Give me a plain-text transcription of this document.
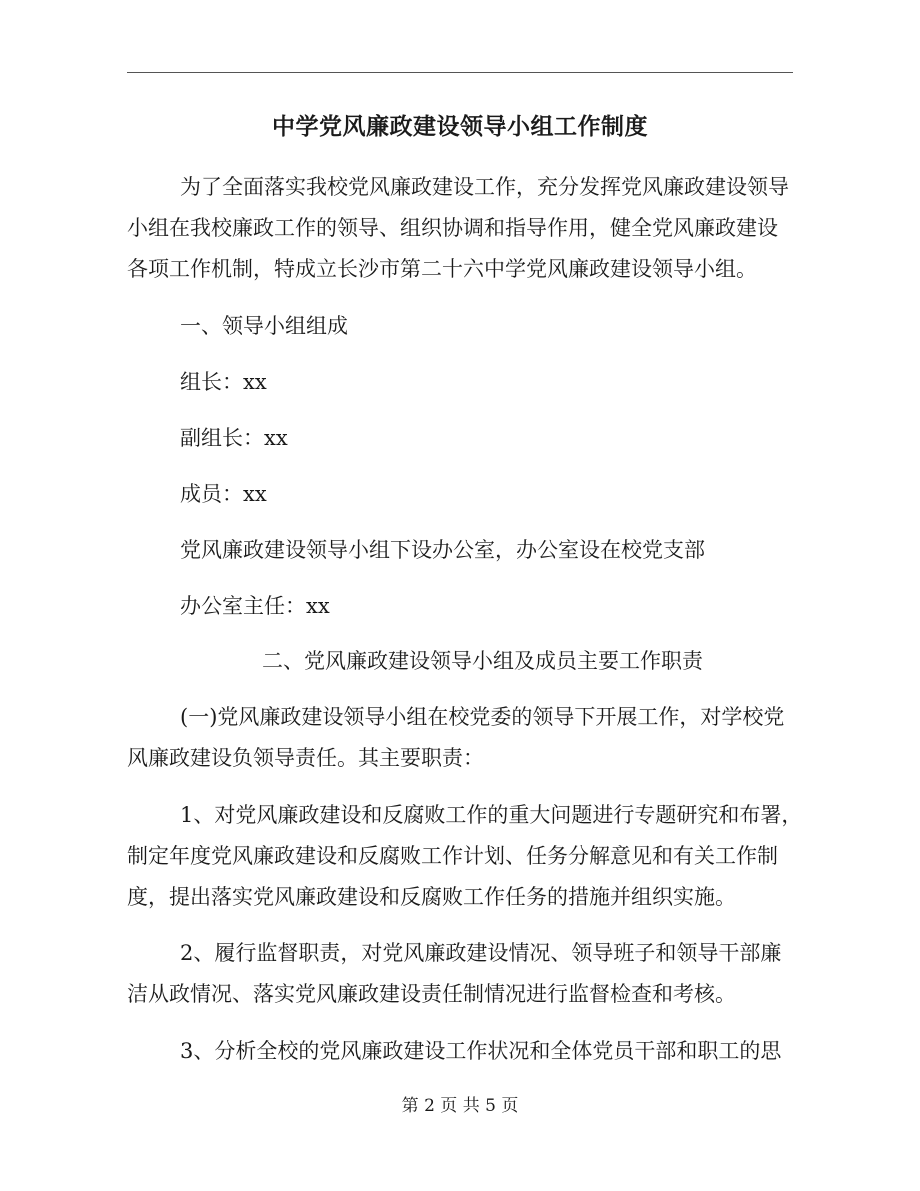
中学党风廉政建设领导小组工作制度
为了全面落实我校党风廉政建设工作，充分发挥党风廉政建设领导
小组在我校廉政工作的领导、组织协调和指导作用，健全党风廉政建设
各项工作机制，特成立长沙市第二十六中学党风廉政建设领导小组。
一、领导小组组成
组长：xx
副组长：xx
成员：xx
党风廉政建设领导小组下设办公室，办公室设在校党支部
办公室主任：xx
二、党风廉政建设领导小组及成员主要工作职责
(一)党风廉政建设领导小组在校党委的领导下开展工作，对学校党
风廉政建设负领导责任。其主要职责：
1、对党风廉政建设和反腐败工作的重大问题进行专题研究和布署，
制定年度党风廉政建设和反腐败工作计划、任务分解意见和有关工作制
度，提出落实党风廉政建设和反腐败工作任务的措施并组织实施。
2、履行监督职责，对党风廉政建设情况、领导班子和领导干部廉
洁从政情况、落实党风廉政建设责任制情况进行监督检查和考核。
3、分析全校的党风廉政建设工作状况和全体党员干部和职工的思
第 2 页 共 5 页
